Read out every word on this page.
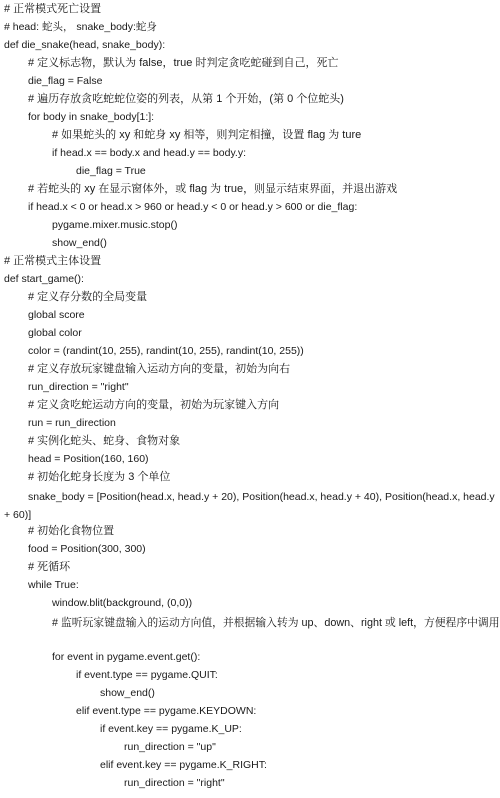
# 正常模式死亡设置
# head: 蛇头， snake_body:蛇身
def die_snake(head, snake_body):
# 定义标志物，默认为 false，true 时判定贪吃蛇碰到自己，死亡
die_flag = False
# 遍历存放贪吃蛇蛇位姿的列表，从第 1 个开始，(第 0 个位蛇头)
for body in snake_body[1:]:
# 如果蛇头的 xy 和蛇身 xy 相等，则判定相撞，设置 flag 为 ture
if head.x == body.x and head.y == body.y:
die_flag = True
# 若蛇头的 xy 在显示窗体外，或 flag 为 true，则显示结束界面，并退出游戏
if head.x < 0 or head.x > 960 or head.y < 0 or head.y > 600 or die_flag:
pygame.mixer.music.stop()
show_end()
# 正常模式主体设置
def start_game():
# 定义存分数的全局变量
global score
global color
color = (randint(10, 255), randint(10, 255), randint(10, 255))
# 定义存放玩家键盘输入运动方向的变量，初始为向右
run_direction = "right"
# 定义贪吃蛇运动方向的变量，初始为玩家键入方向
run = run_direction
# 实例化蛇头、蛇身、食物对象
head = Position(160, 160)
# 初始化蛇身长度为 3 个单位
snake_body = [Position(head.x, head.y + 20), Position(head.x, head.y + 40), Position(head.x, head.y + 60)]
# 初始化食物位置
food = Position(300, 300)
# 死循环
while True:
window.blit(background, (0,0))
# 监听玩家键盘输入的运动方向值，并根据输入转为 up、down、right 或 left，方便程序中调用
for event in pygame.event.get():
if event.type == pygame.QUIT:
show_end()
elif event.type == pygame.KEYDOWN:
if event.key == pygame.K_UP:
run_direction = "up"
elif event.key == pygame.K_RIGHT:
run_direction = "right"
